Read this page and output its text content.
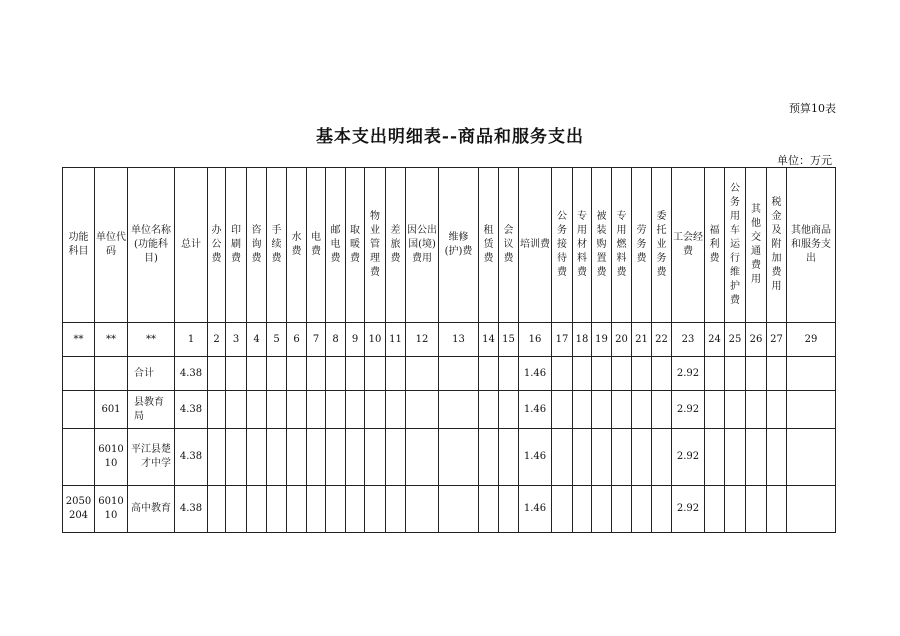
预算10表
基本支出明细表--商品和服务支出
单位：万元
功能科目	单位代码	单位名称(功能科目)	总计	办公费	印刷费	咨询费	手续费	水费	电费	邮电费	取暖费	物业管理费	差旅费	因公出国(境)费用	维修(护)费	租赁费	会议费	培训费	公务接待费	专用材料费	被装购置费	专用燃料费	劳务费	委托业务费	工会经费	福利费	公务用车运行维护费	其他交通费用	税金及附加费用	其他商品和服务支出
**	**	**	1	2	3	4	5	6	7	8	9	10	11	12	13	14	15	16	17	18	19	20	21	22	23	24	25	26	27	29
		合计	4.38															1.46							2.92					
	601	县教育局	4.38															1.46							2.92					
	601010	平江县楚才中学	4.38															1.46							2.92					
2050204	601010	高中教育	4.38															1.46							2.92					
